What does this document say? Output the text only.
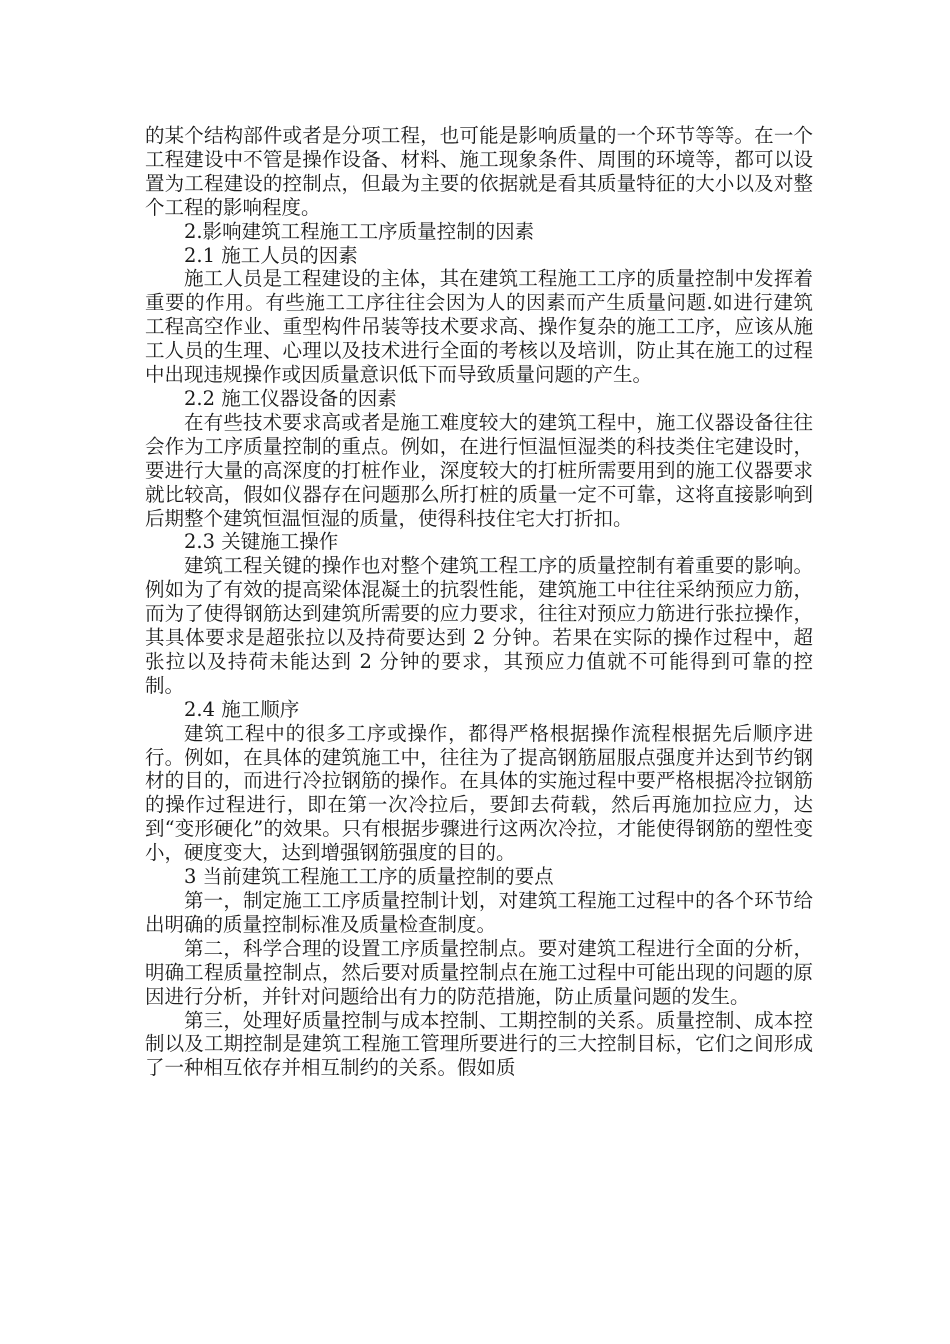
的某个结构部件或者是分项工程，也可能是影响质量的一个环节等等。在一个工程建设中不管是操作设备、材料、施工现象条件、周围的环境等，都可以设置为工程建设的控制点，但最为主要的依据就是看其质量特征的大小以及对整个工程的影响程度。

2.影响建筑工程施工工序质量控制的因素

2.1 施工人员的因素

施工人员是工程建设的主体，其在建筑工程施工工序的质量控制中发挥着重要的作用。有些施工工序往往会因为人的因素而产生质量问题.如进行建筑工程高空作业、重型构件吊装等技术要求高、操作复杂的施工工序，应该从施工人员的生理、心理以及技术进行全面的考核以及培训，防止其在施工的过程中出现违规操作或因质量意识低下而导致质量问题的产生。

2.2 施工仪器设备的因素

在有些技术要求高或者是施工难度较大的建筑工程中，施工仪器设备往往会作为工序质量控制的重点。例如，在进行恒温恒湿类的科技类住宅建设时，要进行大量的高深度的打桩作业，深度较大的打桩所需要用到的施工仪器要求就比较高，假如仪器存在问题那么所打桩的质量一定不可靠，这将直接影响到后期整个建筑恒温恒湿的质量，使得科技住宅大打折扣。

2.3 关键施工操作

建筑工程关键的操作也对整个建筑工程工序的质量控制有着重要的影响。例如为了有效的提高梁体混凝土的抗裂性能，建筑施工中往往采纳预应力筋，而为了使得钢筋达到建筑所需要的应力要求，往往对预应力筋进行张拉操作，其具体要求是超张拉以及持荷要达到 2 分钟。若果在实际的操作过程中，超张拉以及持荷未能达到 2 分钟的要求，其预应力值就不可能得到可靠的控制。

2.4 施工顺序

建筑工程中的很多工序或操作，都得严格根据操作流程根据先后顺序进行。例如，在具体的建筑施工中，往往为了提高钢筋屈服点强度并达到节约钢材的目的，而进行冷拉钢筋的操作。在具体的实施过程中要严格根据冷拉钢筋的操作过程进行，即在第一次冷拉后，要卸去荷载，然后再施加拉应力，达到“变形硬化”的效果。只有根据步骤进行这两次冷拉，才能使得钢筋的塑性变小，硬度变大，达到增强钢筋强度的目的。

3 当前建筑工程施工工序的质量控制的要点

第一，制定施工工序质量控制计划，对建筑工程施工过程中的各个环节给出明确的质量控制标准及质量检查制度。

第二，科学合理的设置工序质量控制点。要对建筑工程进行全面的分析，明确工程质量控制点，然后要对质量控制点在施工过程中可能出现的问题的原因进行分析，并针对问题给出有力的防范措施，防止质量问题的发生。

第三，处理好质量控制与成本控制、工期控制的关系。质量控制、成本控制以及工期控制是建筑工程施工管理所要进行的三大控制目标，它们之间形成了一种相互依存并相互制约的关系。假如质
